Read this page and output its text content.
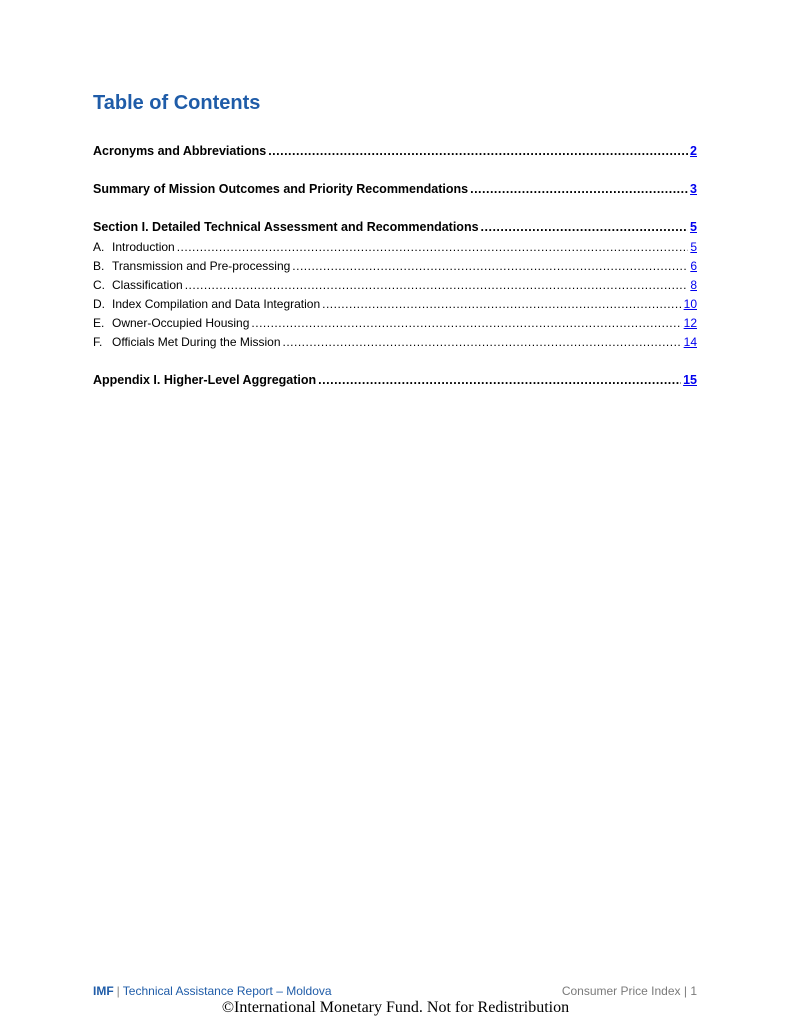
Table of Contents
Acronyms and Abbreviations .....	2
Summary of Mission Outcomes and Priority Recommendations .....	3
Section I. Detailed Technical Assessment and Recommendations .....	5
A. Introduction .....	5
B. Transmission and Pre-processing .....	6
C. Classification .....	8
D. Index Compilation and Data Integration .....	10
E. Owner-Occupied Housing .....	12
F. Officials Met During the Mission .....	14
Appendix I. Higher-Level Aggregation .....	15
IMF | Technical Assistance Report – Moldova	Consumer Price Index | 1
©International Monetary Fund. Not for Redistribution
